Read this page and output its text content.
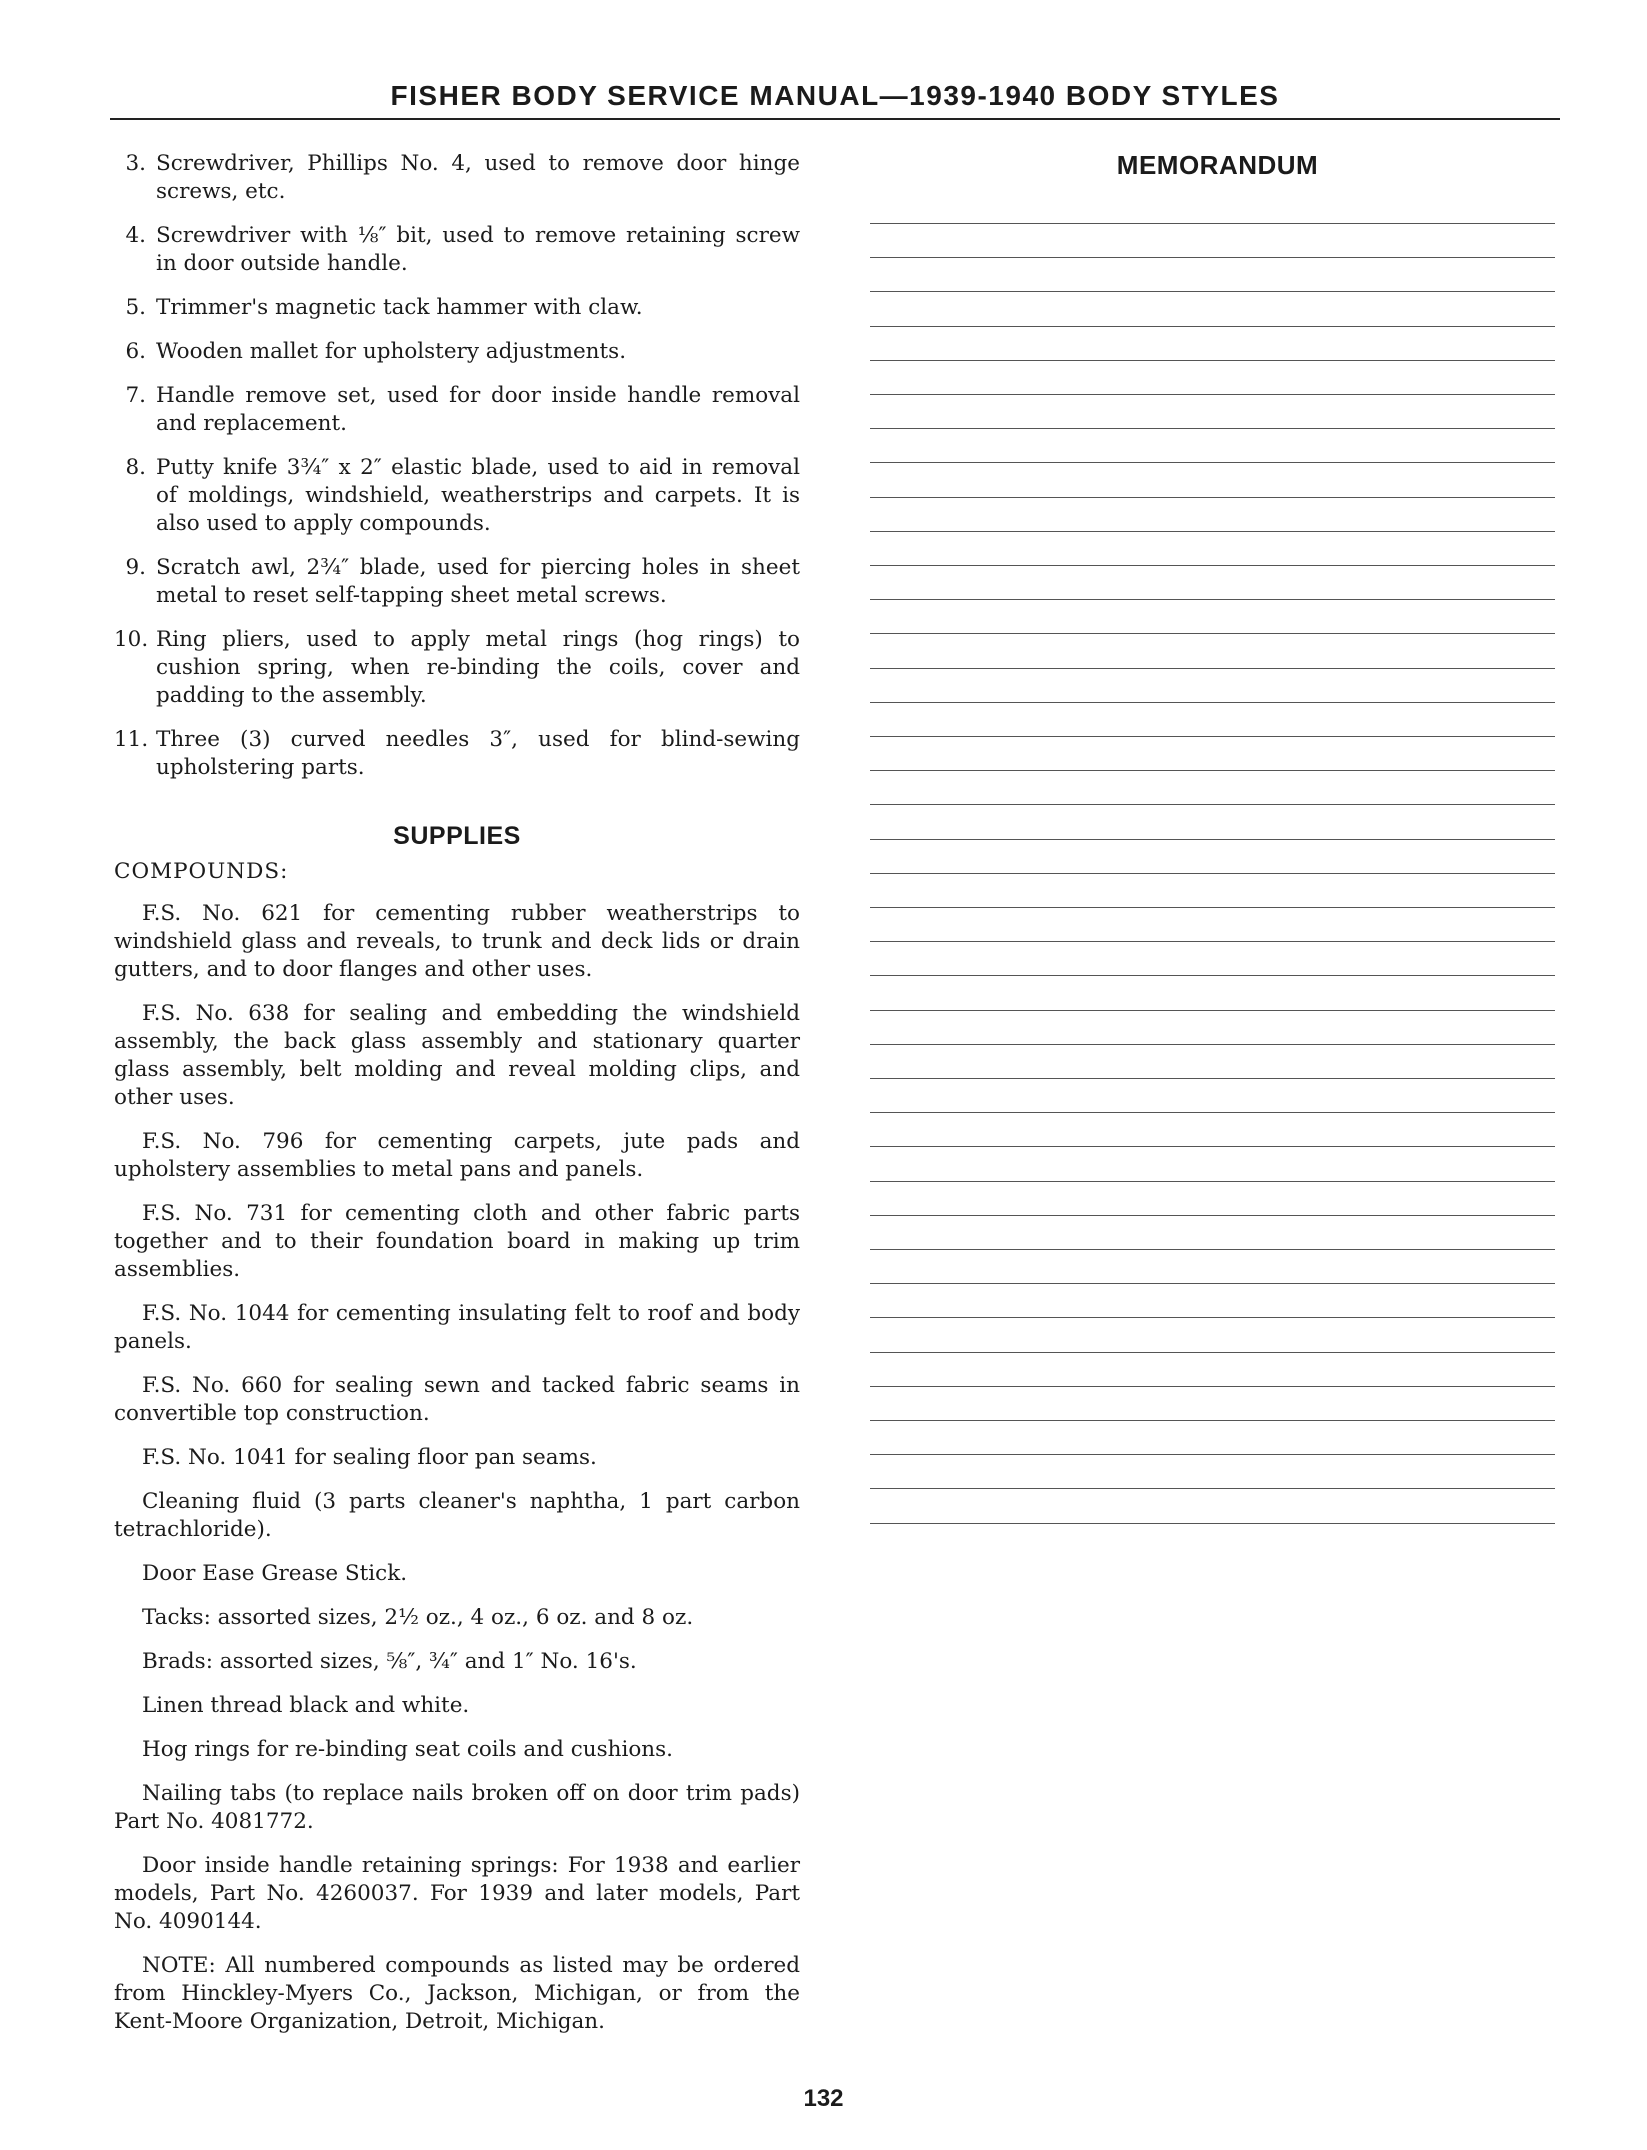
FISHER BODY SERVICE MANUAL—1939-1940 BODY STYLES
3. Screwdriver, Phillips No. 4, used to remove door hinge screws, etc.
4. Screwdriver with ⅛″ bit, used to remove retaining screw in door outside handle.
5. Trimmer's magnetic tack hammer with claw.
6. Wooden mallet for upholstery adjustments.
7. Handle remove set, used for door inside handle removal and replacement.
8. Putty knife 3¾″ x 2″ elastic blade, used to aid in removal of moldings, windshield, weatherstrips and carpets. It is also used to apply compounds.
9. Scratch awl, 2¾″ blade, used for piercing holes in sheet metal to reset self-tapping sheet metal screws.
10. Ring pliers, used to apply metal rings (hog rings) to cushion spring, when re-binding the coils, cover and padding to the assembly.
11. Three (3) curved needles 3″, used for blind-sewing upholstering parts.
SUPPLIES
COMPOUNDS:
F.S. No. 621 for cementing rubber weatherstrips to windshield glass and reveals, to trunk and deck lids or drain gutters, and to door flanges and other uses.
F.S. No. 638 for sealing and embedding the windshield assembly, the back glass assembly and stationary quarter glass assembly, belt molding and reveal molding clips, and other uses.
F.S. No. 796 for cementing carpets, jute pads and upholstery assemblies to metal pans and panels.
F.S. No. 731 for cementing cloth and other fabric parts together and to their foundation board in making up trim assemblies.
F.S. No. 1044 for cementing insulating felt to roof and body panels.
F.S. No. 660 for sealing sewn and tacked fabric seams in convertible top construction.
F.S. No. 1041 for sealing floor pan seams.
Cleaning fluid (3 parts cleaner's naphtha, 1 part carbon tetrachloride).
Door Ease Grease Stick.
Tacks: assorted sizes, 2½ oz., 4 oz., 6 oz. and 8 oz.
Brads: assorted sizes, ⅝″, ¾″ and 1″ No. 16's.
Linen thread black and white.
Hog rings for re-binding seat coils and cushions.
Nailing tabs (to replace nails broken off on door trim pads) Part No. 4081772.
Door inside handle retaining springs: For 1938 and earlier models, Part No. 4260037. For 1939 and later models, Part No. 4090144.
NOTE: All numbered compounds as listed may be ordered from Hinckley-Myers Co., Jackson, Michigan, or from the Kent-Moore Organization, Detroit, Michigan.
MEMORANDUM
132
